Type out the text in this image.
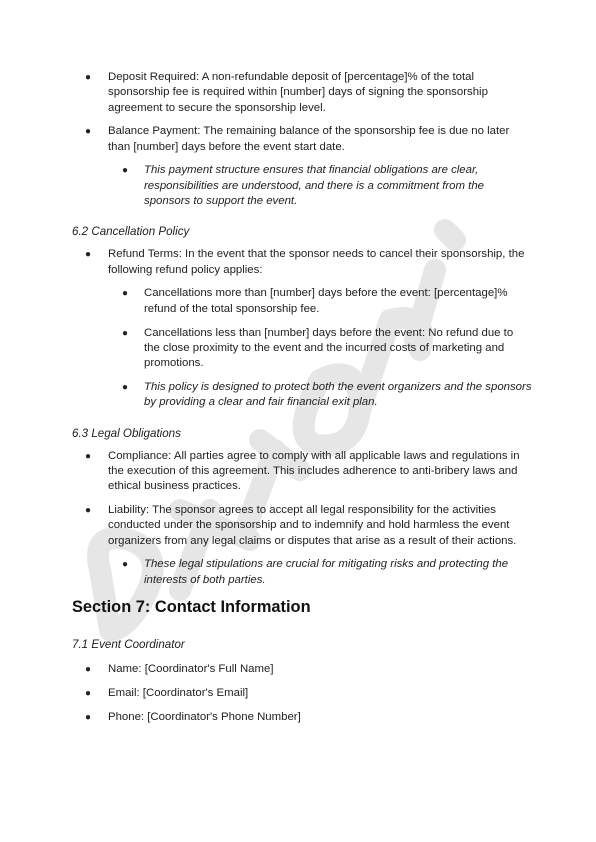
● Deposit Required: A non-refundable deposit of [percentage]% of the total sponsorship fee is required within [number] days of signing the sponsorship agreement to secure the sponsorship level.
● Balance Payment: The remaining balance of the sponsorship fee is due no later than [number] days before the event start date.
● This payment structure ensures that financial obligations are clear, responsibilities are understood, and there is a commitment from the sponsors to support the event.
6.2 Cancellation Policy
● Refund Terms: In the event that the sponsor needs to cancel their sponsorship, the following refund policy applies:
● Cancellations more than [number] days before the event: [percentage]% refund of the total sponsorship fee.
● Cancellations less than [number] days before the event: No refund due to the close proximity to the event and the incurred costs of marketing and promotions.
● This policy is designed to protect both the event organizers and the sponsors by providing a clear and fair financial exit plan.
6.3 Legal Obligations
● Compliance: All parties agree to comply with all applicable laws and regulations in the execution of this agreement. This includes adherence to anti-bribery laws and ethical business practices.
● Liability: The sponsor agrees to accept all legal responsibility for the activities conducted under the sponsorship and to indemnify and hold harmless the event organizers from any legal claims or disputes that arise as a result of their actions.
● These legal stipulations are crucial for mitigating risks and protecting the interests of both parties.
Section 7: Contact Information
7.1 Event Coordinator
● Name: [Coordinator's Full Name]
● Email: [Coordinator's Email]
● Phone: [Coordinator's Phone Number]
